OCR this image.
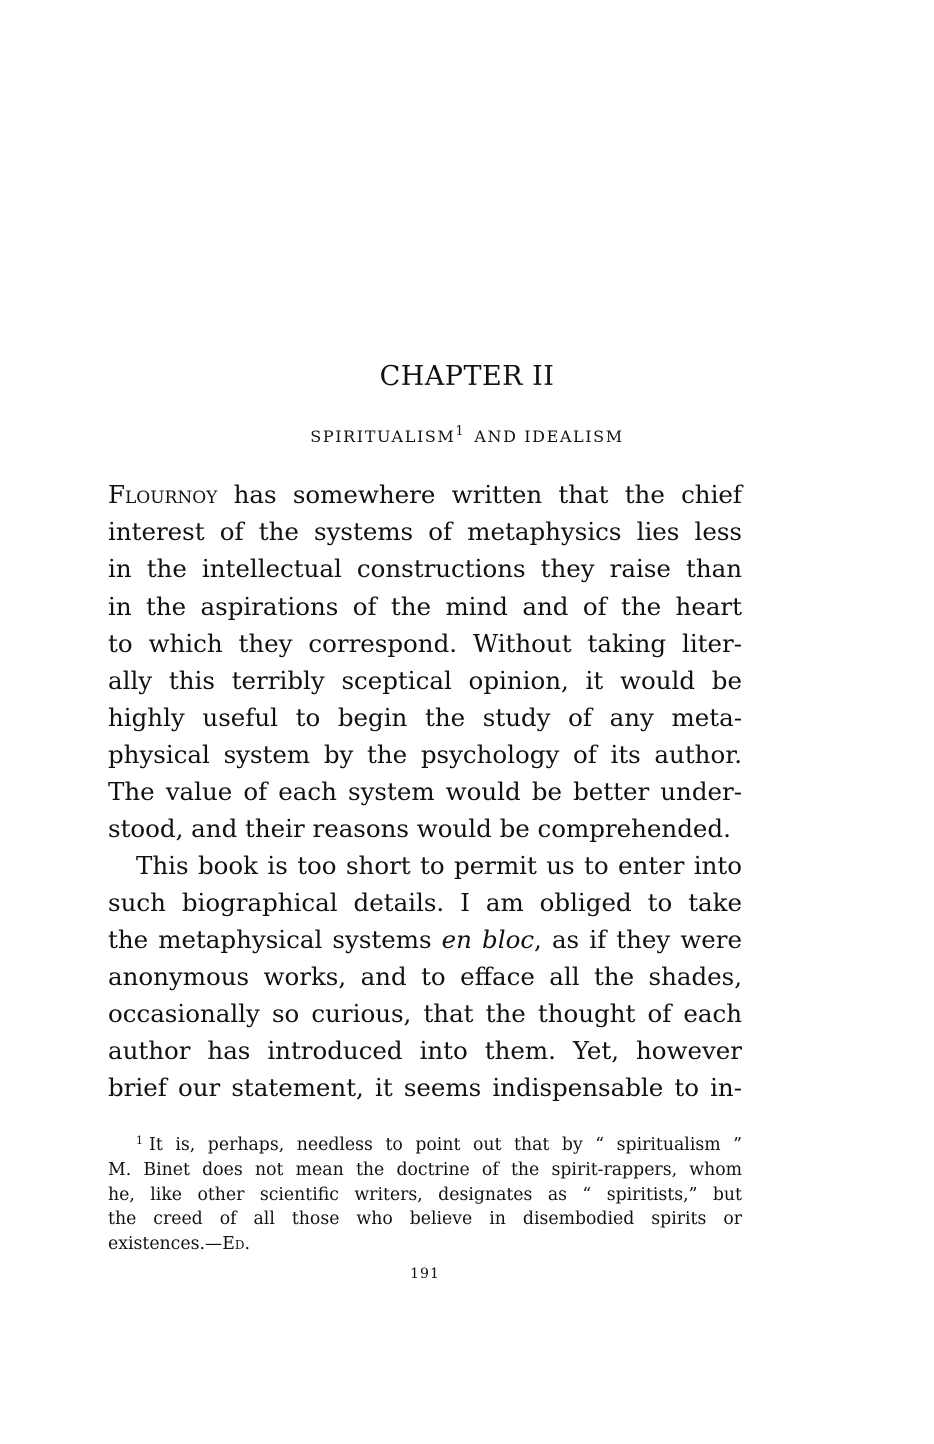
CHAPTER II
SPIRITUALISM$^1$ AND IDEALISM
Flournoy has somewhere written that the chief
interest of the systems of metaphysics lies less
in the intellectual constructions they raise than
in the aspirations of the mind and of the heart
to which they correspond. Without taking liter-
ally this terribly sceptical opinion, it would be
highly useful to begin the study of any meta-
physical system by the psychology of its author.
The value of each system would be better under-
stood, and their reasons would be comprehended.
This book is too short to permit us to enter into
such biographical details. I am obliged to take
the metaphysical systems en bloc, as if they were
anonymous works, and to efface all the shades,
occasionally so curious, that the thought of each
author has introduced into them. Yet, however
brief our statement, it seems indispensable to in-
$^1$ It is, perhaps, needless to point out that by “ spiritualism ”
M. Binet does not mean the doctrine of the spirit-rappers, whom
he, like other scientific writers, designates as “ spiritists,” but
the creed of all those who believe in disembodied spirits or
existences.—Ed.
191
